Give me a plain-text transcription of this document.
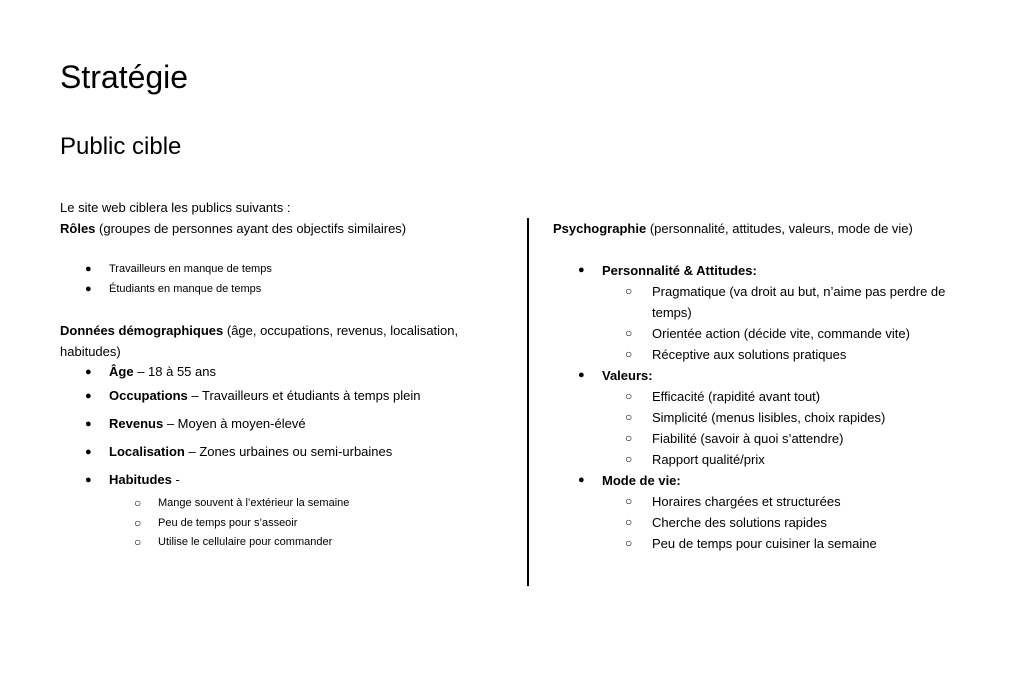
Stratégie
Public cible

Le site web ciblera les publics suivants :

Rôles (groupes de personnes ayant des objectifs similaires)

● Travailleurs en manque de temps
● Étudiants en manque de temps

Données démographiques (âge, occupations, revenus, localisation, habitudes)

● Âge – 18 à 55 ans
● Occupations – Travailleurs et étudiants à temps plein
● Revenus – Moyen à moyen-élevé
● Localisation – Zones urbaines ou semi-urbaines
● Habitudes -
○ Mange souvent à l’extérieur la semaine
○ Peu de temps pour s’asseoir
○ Utilise le cellulaire pour commander

Psychographie (personnalité, attitudes, valeurs, mode de vie)

● Personnalité & Attitudes:
○ Pragmatique (va droit au but, n’aime pas perdre de temps)
○ Orientée action (décide vite, commande vite)
○ Réceptive aux solutions pratiques
● Valeurs:
○ Efficacité (rapidité avant tout)
○ Simplicité (menus lisibles, choix rapides)
○ Fiabilité (savoir à quoi s’attendre)
○ Rapport qualité/prix
● Mode de vie:
○ Horaires chargées et structurées
○ Cherche des solutions rapides
○ Peu de temps pour cuisiner la semaine
